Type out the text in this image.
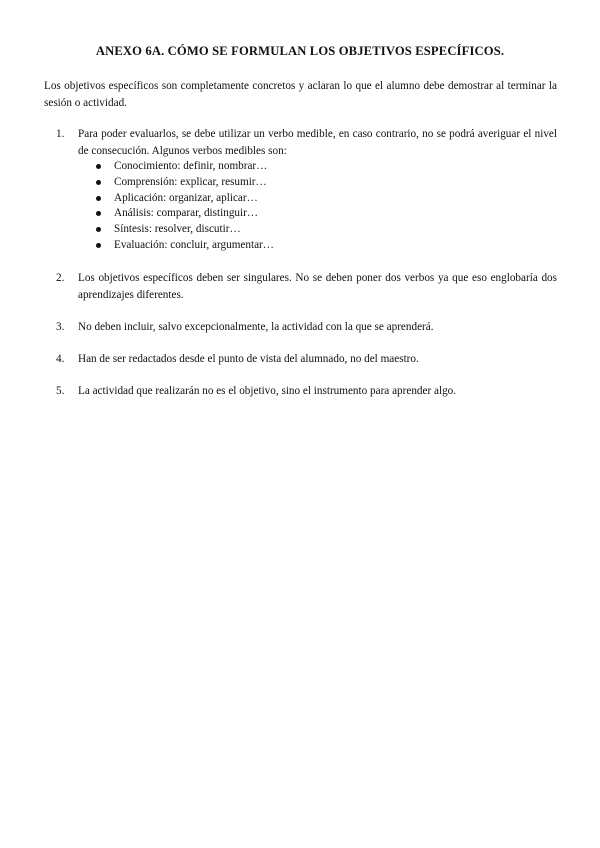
ANEXO 6A. CÓMO SE FORMULAN LOS OBJETIVOS ESPECÍFICOS.

Los objetivos específicos son completamente concretos y aclaran lo que el alumno debe demostrar al terminar la sesión o actividad.

1.	Para poder evaluarlos, se debe utilizar un verbo medible, en caso contrario, no se podrá averiguar el nivel de consecución. Algunos verbos medibles son:
Conocimiento: definir, nombrar…
Comprensión: explicar, resumir…
Aplicación: organizar, aplicar…
Análisis: comparar, distinguir…
Síntesis: resolver, discutir…
Evaluación: concluir, argumentar…
2.	Los objetivos específicos deben ser singulares. No se deben poner dos verbos ya que eso englobaría dos aprendizajes diferentes.
3.	No deben incluir, salvo excepcionalmente, la actividad con la que se aprenderá.
4.	Han de ser redactados desde el punto de vista del alumnado, no del maestro.
5.	La actividad que realizarán no es el objetivo, sino el instrumento para aprender algo.
